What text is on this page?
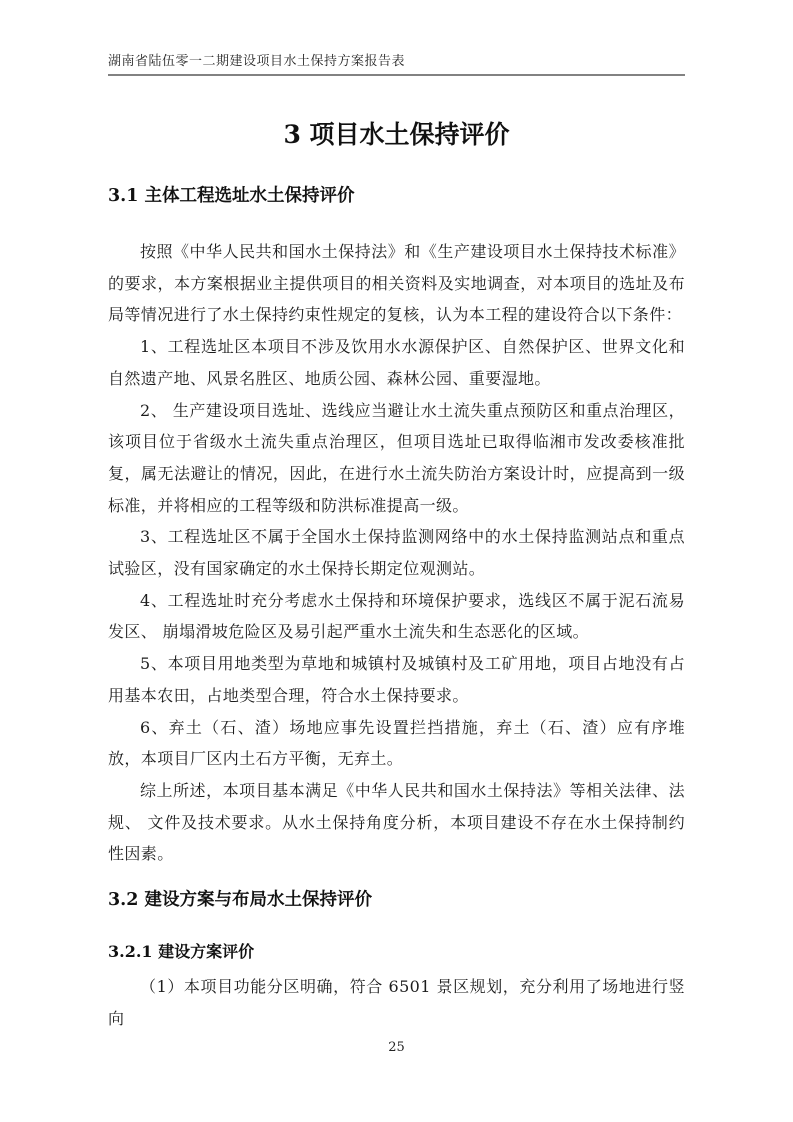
湖南省陆伍零一二期建设项目水土保持方案报告表
3 项目水土保持评价
3.1 主体工程选址水土保持评价

按照《中华人民共和国水土保持法》和《生产建设项目水土保持技术标准》的要求，本方案根据业主提供项目的相关资料及实地调查，对本项目的选址及布局等情况进行了水土保持约束性规定的复核，认为本工程的建设符合以下条件：

1、工程选址区本项目不涉及饮用水水源保护区、自然保护区、世界文化和自然遗产地、风景名胜区、地质公园、森林公园、重要湿地。

2、 生产建设项目选址、选线应当避让水土流失重点预防区和重点治理区，该项目位于省级水土流失重点治理区，但项目选址已取得临湘市发改委核准批复，属无法避让的情况，因此，在进行水土流失防治方案设计时，应提高到一级标准，并将相应的工程等级和防洪标准提高一级。

3、工程选址区不属于全国水土保持监测网络中的水土保持监测站点和重点试验区，没有国家确定的水土保持长期定位观测站。

4、工程选址时充分考虑水土保持和环境保护要求，选线区不属于泥石流易发区、 崩塌滑坡危险区及易引起严重水土流失和生态恶化的区域。

5、本项目用地类型为草地和城镇村及城镇村及工矿用地，项目占地没有占用基本农田，占地类型合理，符合水土保持要求。

6、弃土（石、渣）场地应事先设置拦挡措施，弃土（石、渣）应有序堆放，本项目厂区内土石方平衡，无弃土。

综上所述，本项目基本满足《中华人民共和国水土保持法》等相关法律、法规、 文件及技术要求。从水土保持角度分析，本项目建设不存在水土保持制约性因素。

3.2 建设方案与布局水土保持评价
3.2.1 建设方案评价

（1）本项目功能分区明确，符合 6501 景区规划，充分利用了场地进行竖向

25
